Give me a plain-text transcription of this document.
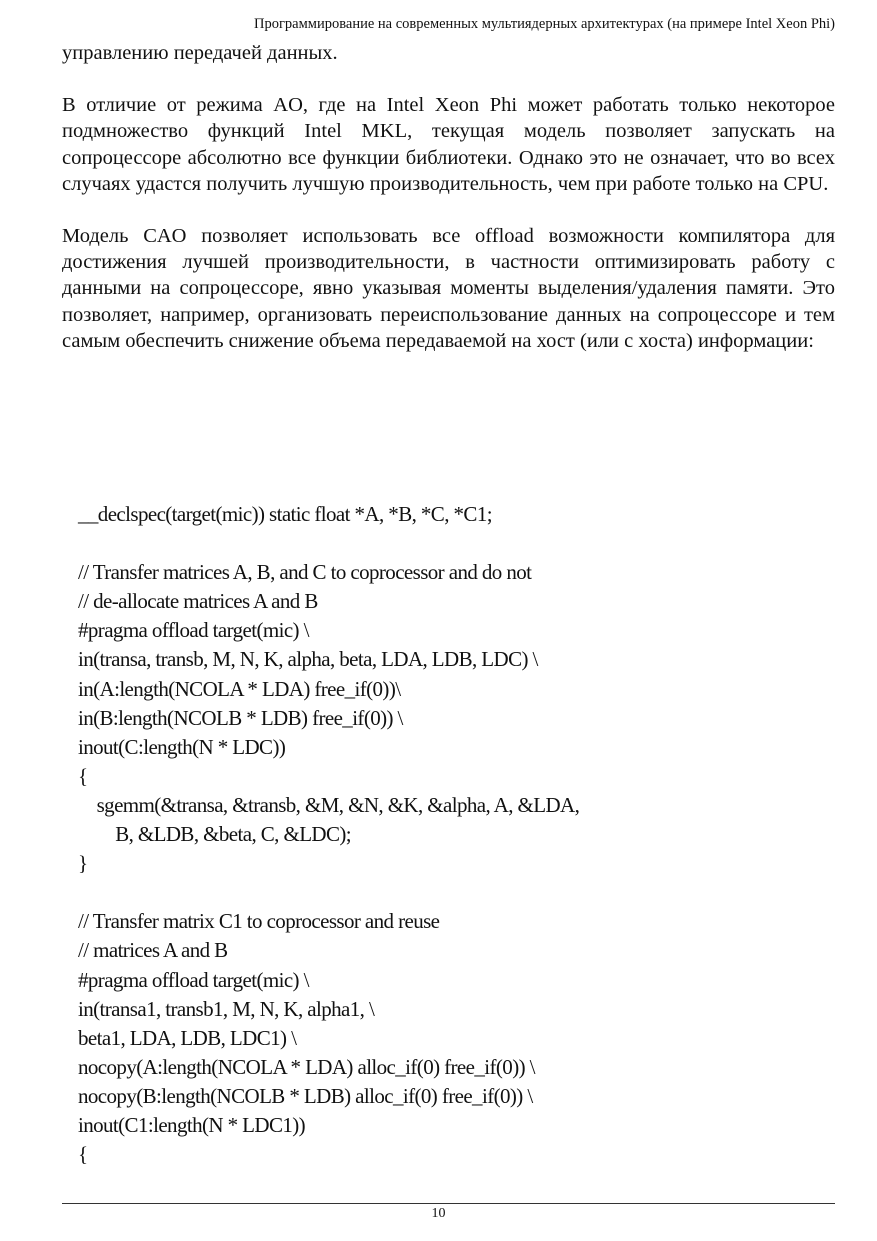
Программирование на современных мультиядерных архитектурах (на примере Intel Xeon Phi)

управлению передачей данных.

В отличие от режима AO, где на Intel Xeon Phi может работать только некоторое подмножество функций Intel MKL, текущая модель позволяет запускать на сопроцессоре абсолютно все функции библиотеки. Однако это не означает, что во всех случаях удастся получить лучшую производительность, чем при работе только на CPU.

Модель CAO позволяет использовать все offload возможности компилятора для достижения лучшей производительности, в частности оптимизировать работу с данными на сопроцессоре, явно указывая моменты выделения/удаления памяти. Это позволяет, например, организовать переиспользование данных на сопроцессоре и тем самым обеспечить снижение объема передаваемой на хост (или с хоста) информации:

__declspec(target(mic)) static float *A, *B, *C, *C1;
// Transfer matrices A, B, and C to coprocessor and do not
// de-allocate matrices A and B
#pragma offload target(mic) \
in(transa, transb, M, N, K, alpha, beta, LDA, LDB, LDC) \
in(A:length(NCOLA * LDA) free_if(0))\
in(B:length(NCOLB * LDB) free_if(0)) \
inout(C:length(N * LDC))
{
sgemm(&transa, &transb, &M, &N, &K, &alpha, A, &LDA,
B, &LDB, &beta, C, &LDC);
}
// Transfer matrix C1 to coprocessor and reuse
// matrices A and B
#pragma offload target(mic) \
in(transa1, transb1, M, N, K, alpha1, \
beta1, LDA, LDB, LDC1) \
nocopy(A:length(NCOLA * LDA) alloc_if(0) free_if(0)) \
nocopy(B:length(NCOLB * LDB) alloc_if(0) free_if(0)) \
inout(C1:length(N * LDC1))
{
10
